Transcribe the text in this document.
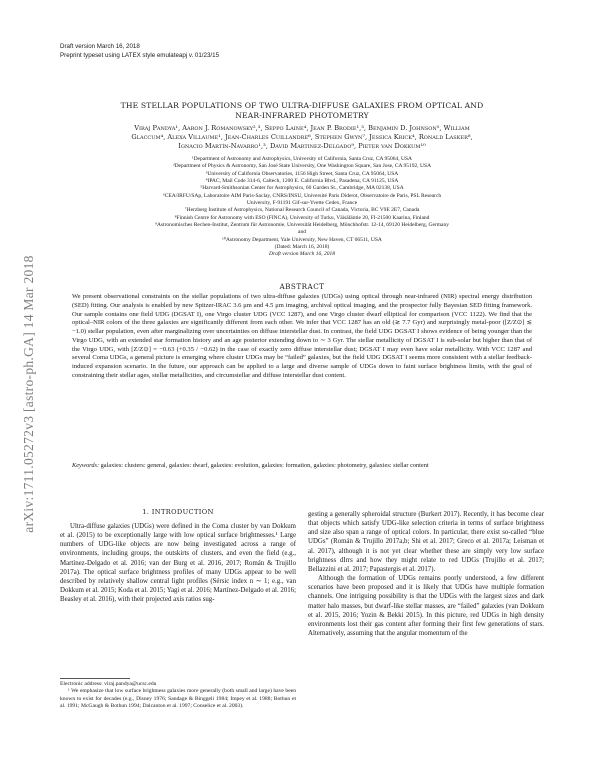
arXiv:1711.05272v3 [astro-ph.GA] 14 Mar 2018
Draft version March 16, 2018
Preprint typeset using LATEX style emulateapj v. 01/23/15
THE STELLAR POPULATIONS OF TWO ULTRA-DIFFUSE GALAXIES FROM OPTICAL AND
NEAR-INFRARED PHOTOMETRY
Viraj Pandya¹, Aaron J. Romanowsky²,³, Seppo Laine⁴, Jean P. Brodie¹,³, Benjamin D. Johnson⁵, William
Glaccum⁴, Alexa Villaume¹, Jean-Charles Cuillandre⁶, Stephen Gwyn⁷, Jessica Krick⁴, Ronald Lasker⁸,
Ignacio Martín-Navarro¹,³, David Martinez-Delgado⁹, Pieter van Dokkum¹⁰
¹Department of Astronomy and Astrophysics, University of California, Santa Cruz, CA 95064, USA
²Department of Physics & Astronomy, San José State University, One Washington Square, San Jose, CA 95192, USA
³University of California Observatories, 1156 High Street, Santa Cruz, CA 95064, USA
⁴IPAC, Mail Code 314-6, Caltech, 1200 E. California Blvd., Pasadena, CA 91125, USA
⁵Harvard-Smithsonian Center for Astrophysics, 60 Garden St., Cambridge, MA 02138, USA
⁶CEA/IRFU/SAp, Laboratoire AIM Paris-Saclay, CNRS/INSU, Université Paris Diderot, Observatoire de Paris, PSL Research
University, F-91191 Gif-sur-Yvette Cedex, France
⁷Herzberg Institute of Astrophysics, National Research Council of Canada, Victoria, BC V9E 2E7, Canada
⁸Finnish Centre for Astronomy with ESO (FINCA), University of Turku, Väisäläntie 20, FI-21500 Kaarina, Finland
⁹Astronomisches Rechen-Institut, Zentrum für Astronomie, Universität Heidelberg, Mönchhofstr. 12-14, 69120 Heidelberg, Germany
and
¹⁰Astronomy Department, Yale University, New Haven, CT 06511, USA
(Dated: March 16, 2018)
Draft version March 16, 2018
ABSTRACT
We present observational constraints on the stellar populations of two ultra-diffuse galaxies (UDGs) using optical through near-infrared (NIR) spectral energy distribution (SED) fitting. Our analysis is enabled by new Spitzer-IRAC 3.6 μm and 4.5 μm imaging, archival optical imaging, and the prospector fully Bayesian SED fitting framework. Our sample contains one field UDG (DGSAT I), one Virgo cluster UDG (VCC 1287), and one Virgo cluster dwarf elliptical for comparison (VCC 1122). We find that the optical–NIR colors of the three galaxies are significantly different from each other. We infer that VCC 1287 has an old (≳ 7.7 Gyr) and surprisingly metal-poor ([Z/Z⊙] ≲ −1.0) stellar population, even after marginalizing over uncertainties on diffuse interstellar dust. In contrast, the field UDG DGSAT I shows evidence of being younger than the Virgo UDG, with an extended star formation history and an age posterior extending down to ∼ 3 Gyr. The stellar metallicity of DGSAT I is sub-solar but higher than that of the Virgo UDG, with [Z/Z⊙] = −0.63 (+0.35 / −0.62) in the case of exactly zero diffuse interstellar dust; DGSAT I may even have solar metallicity. With VCC 1287 and several Coma UDGs, a general picture is emerging where cluster UDGs may be “failed” galaxies, but the field UDG DGSAT I seems more consistent with a stellar feedback-induced expansion scenario. In the future, our approach can be applied to a large and diverse sample of UDGs down to faint surface brightness limits, with the goal of constraining their stellar ages, stellar metallicities, and circumstellar and diffuse interstellar dust content.
Keywords: galaxies: clusters: general, galaxies: dwarf, galaxies: evolution, galaxies: formation, galaxies: photometry, galaxies: stellar content
1. INTRODUCTION

Ultra-diffuse galaxies (UDGs) were defined in the Coma cluster by van Dokkum et al. (2015) to be exceptionally large with low optical surface brightnesses.¹ Large numbers of UDG-like objects are now being investigated across a range of environments, including groups, the outskirts of clusters, and even the field (e.g., Martínez-Delgado et al. 2016; van der Burg et al. 2016, 2017; Román & Trujillo 2017a). The optical surface brightness profiles of many UDGs appear to be well described by relatively shallow central light profiles (Sérsic index n ∼ 1; e.g., van Dokkum et al. 2015; Koda et al. 2015; Yagi et al. 2016; Martínez-Delgado et al. 2016; Beasley et al. 2016), with their projected axis ratios sug-

gesting a generally spheroidal structure (Burkert 2017). Recently, it has become clear that objects which satisfy UDG-like selection criteria in terms of surface brightness and size also span a range of optical colors. In particular, there exist so-called “blue UDGs” (Román & Trujillo 2017a,b; Shi et al. 2017; Greco et al. 2017a; Leisman et al. 2017), although it is not yet clear whether these are simply very low surface brightness dIrrs and how they might relate to red UDGs (Trujillo et al. 2017; Bellazzini et al. 2017; Papastergis et al. 2017).

Although the formation of UDGs remains poorly understood, a few different scenarios have been proposed and it is likely that UDGs have multiple formation channels. One intriguing possibility is that the UDGs with the largest sizes and dark matter halo masses, but dwarf-like stellar masses, are “failed” galaxies (van Dokkum et al. 2015, 2016; Yozin & Bekki 2015). In this picture, red UDGs in high density environments lost their gas content after forming their first few generations of stars. Alternatively, assuming that the angular momentum of the

Electronic address: viraj.pandya@ucsc.edu

¹ We emphasize that low surface brightness galaxies more generally (both small and large) have been known to exist for decades (e.g., Disney 1976; Sandage & Binggeli 1984; Impey et al. 1988; Bothun et al. 1991; McGaugh & Bothun 1994; Dalcanton et al. 1997; Conselice et al. 2003).
